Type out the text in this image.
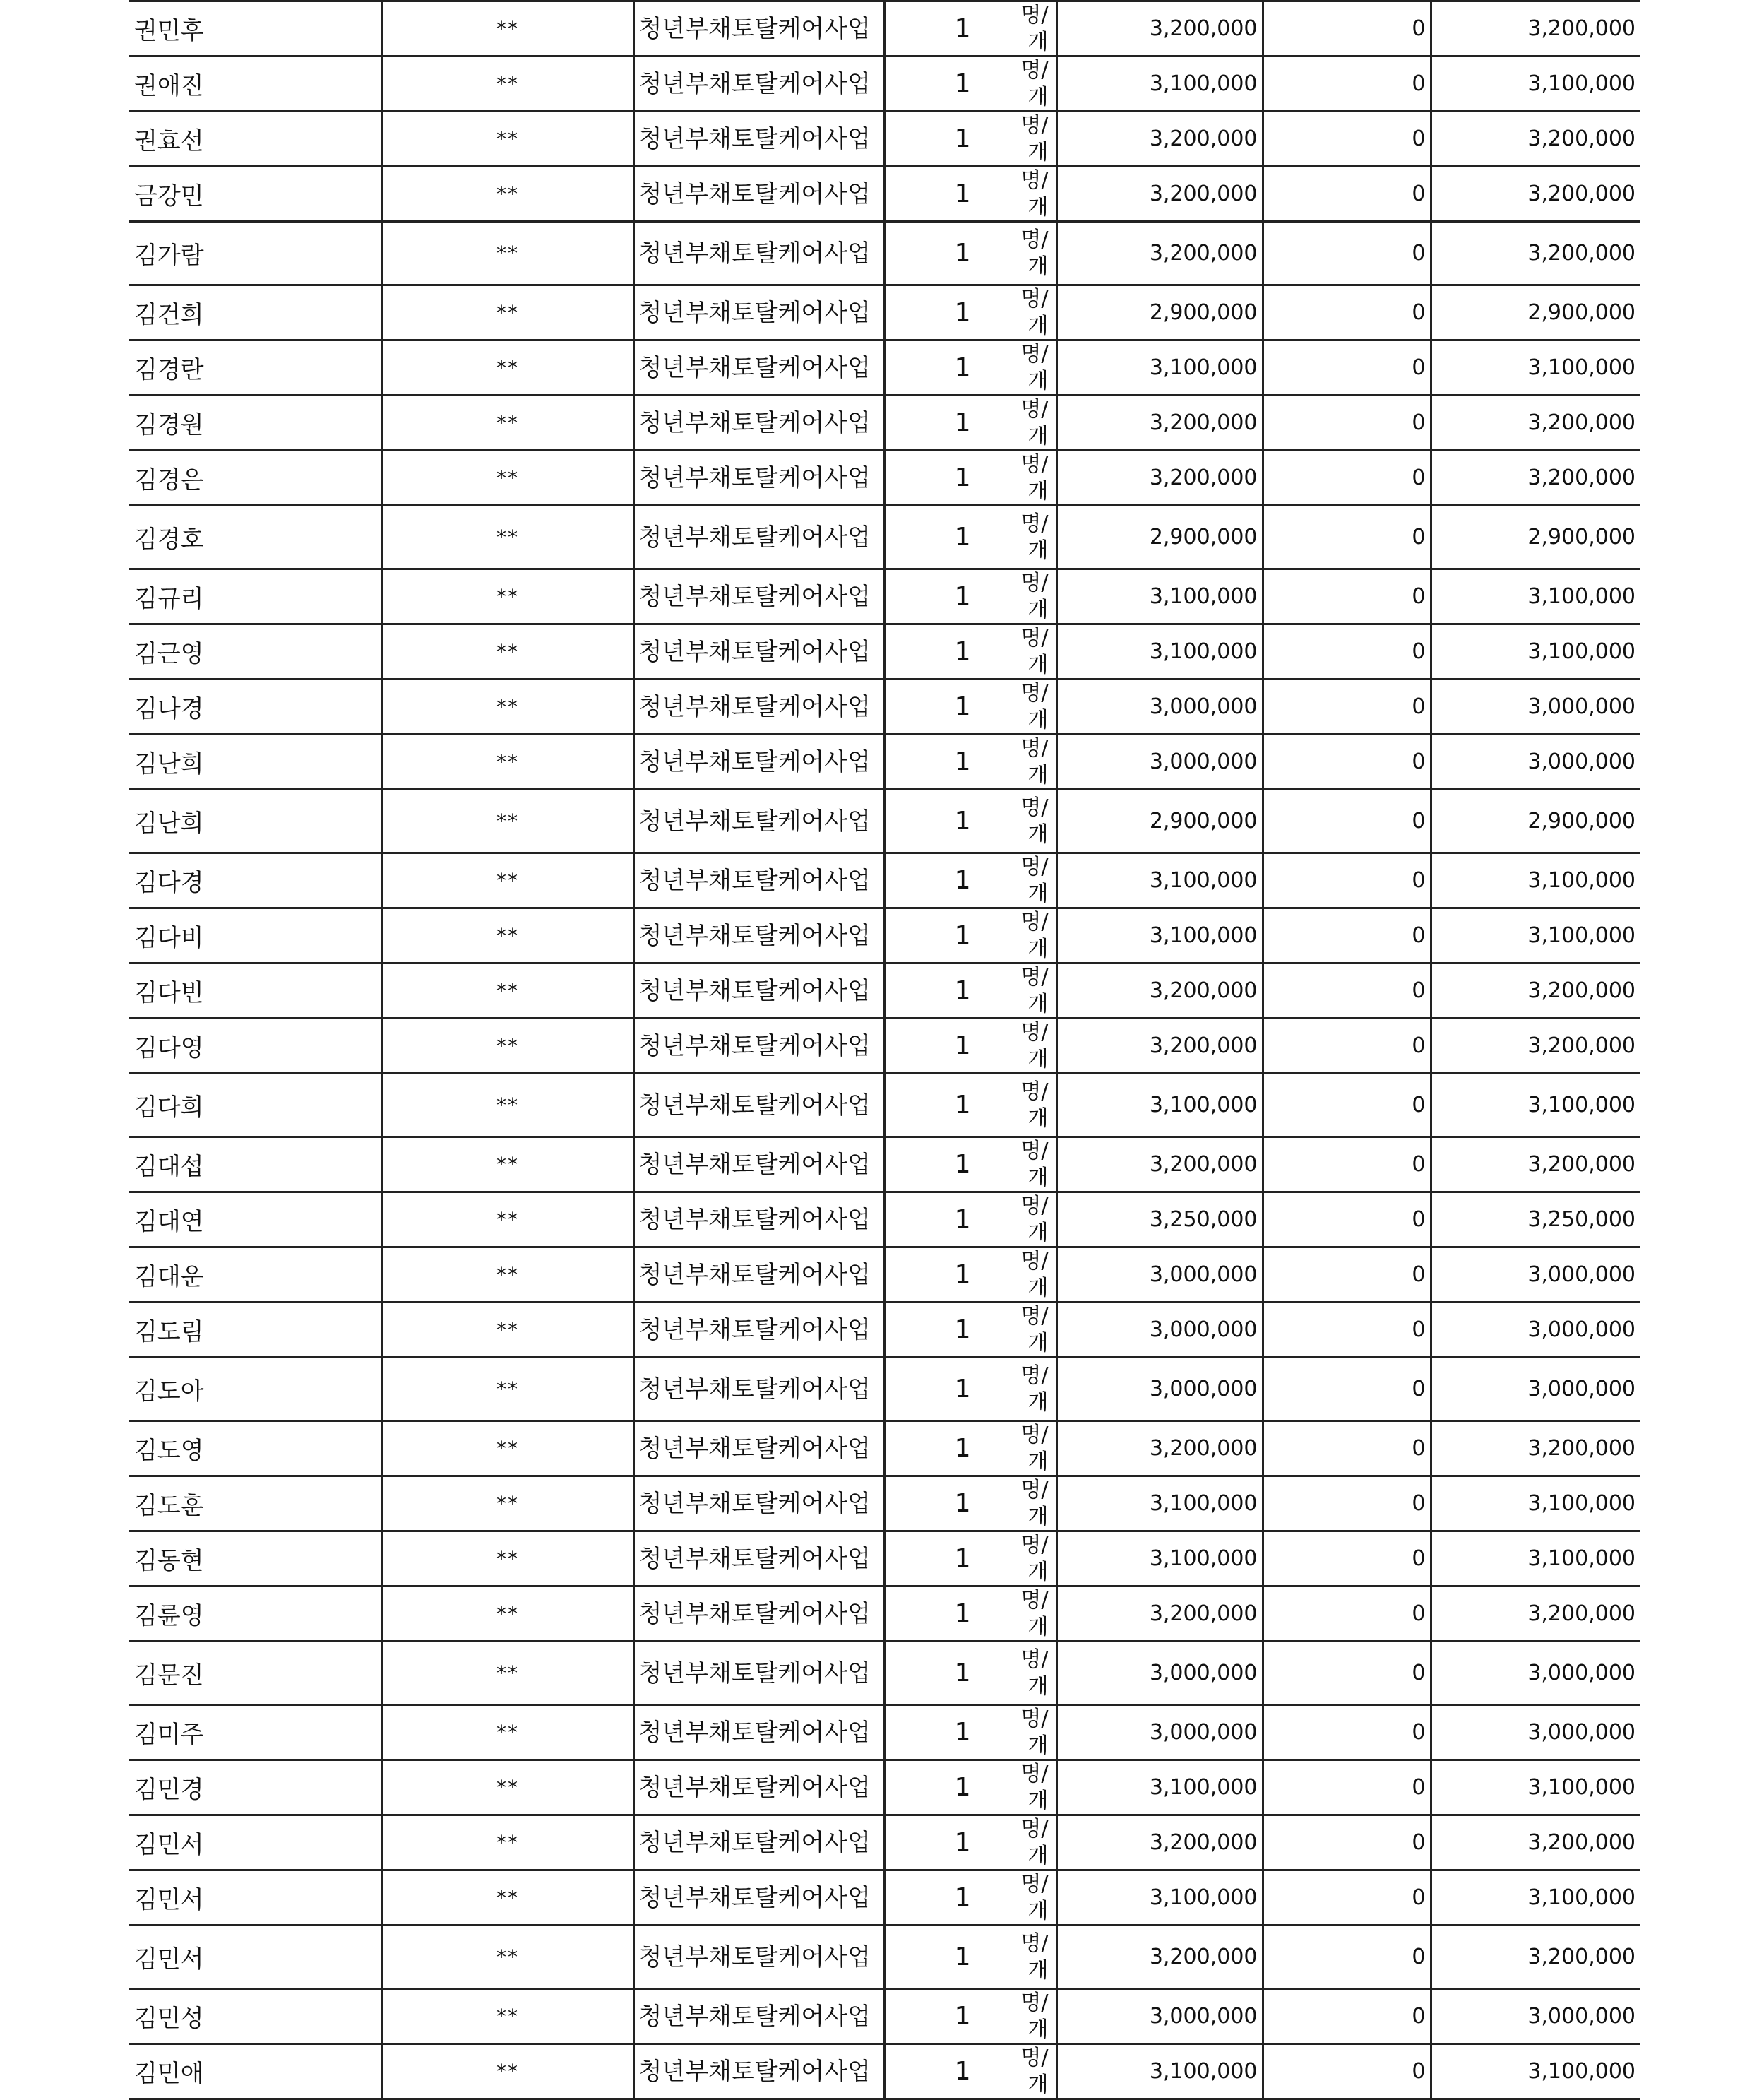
권민후	**	청년부채토탈케어사업	1 명/개	3,200,000	0	3,200,000
권애진	**	청년부채토탈케어사업	1 명/개	3,100,000	0	3,100,000
권효선	**	청년부채토탈케어사업	1 명/개	3,200,000	0	3,200,000
금강민	**	청년부채토탈케어사업	1 명/개	3,200,000	0	3,200,000
김가람	**	청년부채토탈케어사업	1 명/개	3,200,000	0	3,200,000
김건희	**	청년부채토탈케어사업	1 명/개	2,900,000	0	2,900,000
김경란	**	청년부채토탈케어사업	1 명/개	3,100,000	0	3,100,000
김경원	**	청년부채토탈케어사업	1 명/개	3,200,000	0	3,200,000
김경은	**	청년부채토탈케어사업	1 명/개	3,200,000	0	3,200,000
김경호	**	청년부채토탈케어사업	1 명/개	2,900,000	0	2,900,000
김규리	**	청년부채토탈케어사업	1 명/개	3,100,000	0	3,100,000
김근영	**	청년부채토탈케어사업	1 명/개	3,100,000	0	3,100,000
김나경	**	청년부채토탈케어사업	1 명/개	3,000,000	0	3,000,000
김난희	**	청년부채토탈케어사업	1 명/개	3,000,000	0	3,000,000
김난희	**	청년부채토탈케어사업	1 명/개	2,900,000	0	2,900,000
김다경	**	청년부채토탈케어사업	1 명/개	3,100,000	0	3,100,000
김다비	**	청년부채토탈케어사업	1 명/개	3,100,000	0	3,100,000
김다빈	**	청년부채토탈케어사업	1 명/개	3,200,000	0	3,200,000
김다영	**	청년부채토탈케어사업	1 명/개	3,200,000	0	3,200,000
김다희	**	청년부채토탈케어사업	1 명/개	3,100,000	0	3,100,000
김대섭	**	청년부채토탈케어사업	1 명/개	3,200,000	0	3,200,000
김대연	**	청년부채토탈케어사업	1 명/개	3,250,000	0	3,250,000
김대운	**	청년부채토탈케어사업	1 명/개	3,000,000	0	3,000,000
김도림	**	청년부채토탈케어사업	1 명/개	3,000,000	0	3,000,000
김도아	**	청년부채토탈케어사업	1 명/개	3,000,000	0	3,000,000
김도영	**	청년부채토탈케어사업	1 명/개	3,200,000	0	3,200,000
김도훈	**	청년부채토탈케어사업	1 명/개	3,100,000	0	3,100,000
김동현	**	청년부채토탈케어사업	1 명/개	3,100,000	0	3,100,000
김륜영	**	청년부채토탈케어사업	1 명/개	3,200,000	0	3,200,000
김문진	**	청년부채토탈케어사업	1 명/개	3,000,000	0	3,000,000
김미주	**	청년부채토탈케어사업	1 명/개	3,000,000	0	3,000,000
김민경	**	청년부채토탈케어사업	1 명/개	3,100,000	0	3,100,000
김민서	**	청년부채토탈케어사업	1 명/개	3,200,000	0	3,200,000
김민서	**	청년부채토탈케어사업	1 명/개	3,100,000	0	3,100,000
김민서	**	청년부채토탈케어사업	1 명/개	3,200,000	0	3,200,000
김민성	**	청년부채토탈케어사업	1 명/개	3,000,000	0	3,000,000
김민애	**	청년부채토탈케어사업	1 명/개	3,100,000	0	3,100,000
